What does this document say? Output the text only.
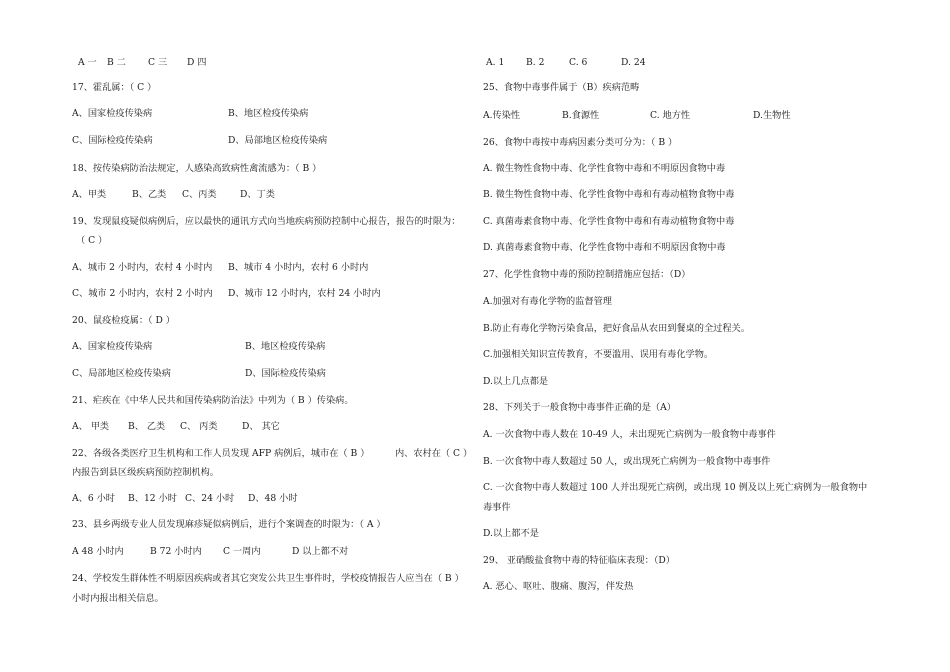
A 一 B 二 C 三 D 四
17、霍乱属：（ C ）
A、国家检疫传染病	B、地区检疫传染病
C、国际检疫传染病	D、局部地区检疫传染病
18、按传染病防治法规定，人感染高致病性禽流感为：（ B ）
A、甲类	B、乙类 C、丙类	D、丁类
19、发现鼠疫疑似病例后，应以最快的通讯方式向当地疾病预防控制中心报告，报告的时限为：
（ C ）
A、城市 2 小时内，农村 4 小时内 B、城市 4 小时内，农村 6 小时内
C、城市 2 小时内，农村 2 小时内 D、城市 12 小时内，农村 24 小时内
20、鼠疫检疫属：（ D ）
A、国家检疫传染病	B、地区检疫传染病
C、局部地区检疫传染病	D、国际检疫传染病
21、疟疾在《中华人民共和国传染病防治法》中列为（ B ）传染病。
A、 甲类 B、 乙类 C、 丙类	D、 其它
22、各级各类医疗卫生机构和工作人员发现 AFP 病例后，城市在（ B ）	内、农村在（ C ）
内报告到县区级疾病预防控制机构。
A、6 小时 B、12 小时 C、24 小时 D、48 小时
23、县乡两级专业人员发现麻疹疑似病例后，进行个案调查的时限为：（ A ）
A 48 小时内	B 72 小时内 C 一周内	D 以上都不对
24、学校发生群体性不明原因疾病或者其它突发公共卫生事件时，学校疫情报告人应当在（ B ）
小时内报出相关信息。
A. 1 B. 2	C. 6	D. 24
25、食物中毒事件属于（B）疾病范畴
A.传染性	B.食源性	C. 地方性	D.生物性
26、食物中毒按中毒病因素分类可分为：（ B ）
A. 微生物性食物中毒、化学性食物中毒和不明原因食物中毒
B. 微生物性食物中毒、化学性食物中毒和有毒动植物食物中毒
C. 真菌毒素食物中毒、化学性食物中毒和有毒动植物食物中毒
D. 真菌毒素食物中毒、化学性食物中毒和不明原因食物中毒
27、化学性食物中毒的预防控制措施应包括：（D）
A.加强对有毒化学物的监督管理
B.防止有毒化学物污染食品，把好食品从农田到餐桌的全过程关。
C.加强相关知识宣传教育，不要滥用、误用有毒化学物。
D.以上几点都是
28、下列关于一般食物中毒事件正确的是（A）
A. 一次食物中毒人数在 10-49 人，未出现死亡病例为一般食物中毒事件
B. 一次食物中毒人数超过 50 人，或出现死亡病例为一般食物中毒事件
C. 一次食物中毒人数超过 100 人并出现死亡病例，或出现 10 例及以上死亡病例为一般食物中
毒事件
D.以上都不是
29、 亚硝酸盐食物中毒的特征临床表现：（D）
A. 恶心、呕吐、腹痛、腹泻，伴发热
